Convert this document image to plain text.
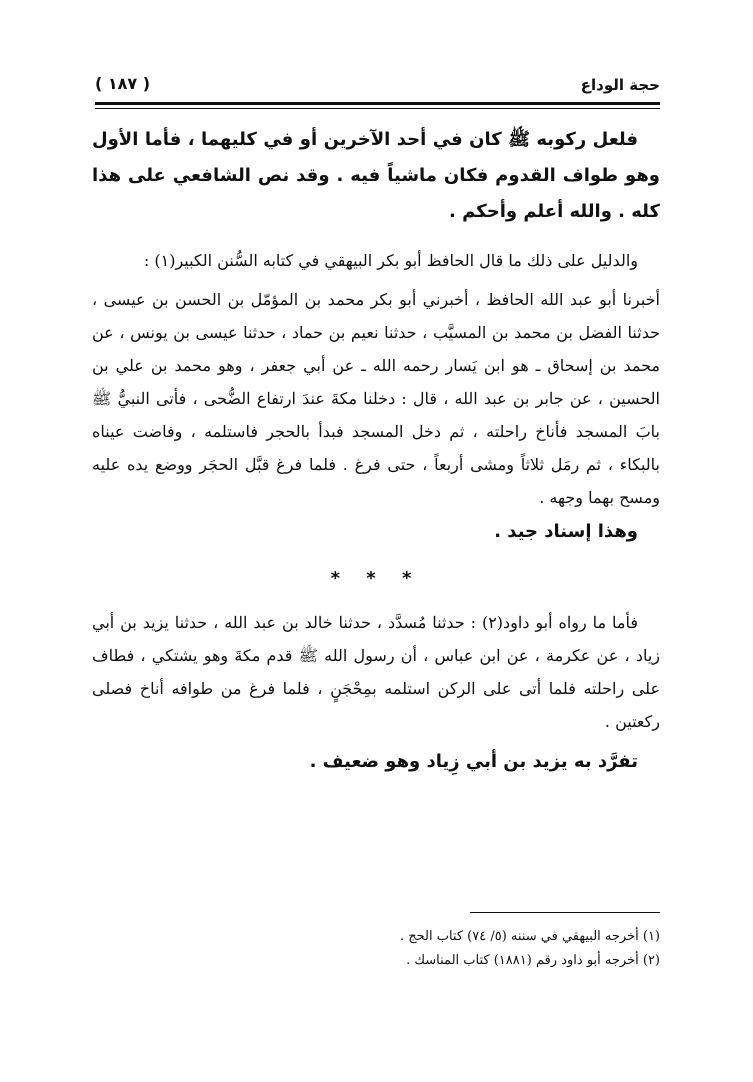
حجة الوداع
( ١٨٧ )

فلعل ركوبه ﷺ كان في أحد الآخرين أو في كليهما ، فأما الأول وهو طواف القدوم فكان ماشياً فيه . وقد نص الشافعي على هذا كله . والله أعلم وأحكم .

والدليل على ذلك ما قال الحافظ أبو بكر البيهقي في كتابه السُّنن الكبير(١) :

أخبرنا أبو عبد الله الحافظ ، أخبرني أبو بكر محمد بن المؤمّل بن الحسن بن عيسى ، حدثنا الفضل بن محمد بن المسيَّب ، حدثنا نعيم بن حماد ، حدثنا عيسى بن يونس ، عن محمد بن إسحاق ـ هو ابن يَسار رحمه الله ـ عن أبي جعفر ، وهو محمد بن علي بن الحسين ، عن جابر بن عبد الله ، قال : دخلنا مكةَ عندَ ارتفاع الضُّحى ، فأتى النبيُّ ﷺ بابَ المسجد فأناخ راحلته ، ثم دخل المسجد فبدأ بالحجر فاستلمه ، وفاضت عيناه بالبكاء ، ثم رمَل ثلاثاً ومشى أربعاً ، حتى فرغ . فلما فرغ قبَّل الحجَر ووضع يده عليه ومسح بهما وجهه .

وهذا إسناد جيد .

* * *

فأما ما رواه أبو داود(٢) : حدثنا مُسدَّد ، حدثنا خالد بن عبد الله ، حدثنا يزيد بن أبي زياد ، عن عكرمة ، عن ابن عباس ، أن رسول الله ﷺ قدم مكةَ وهو يشتكي ، فطاف على راحلته فلما أتى على الركن استلمه بمِحْجَنٍ ، فلما فرغ من طوافه أناخ فصلى ركعتين .

تفرَّد به يزيد بن أبي زِياد وهو ضعيف .

(١) أخرجه البيهقي في سننه (٥/ ٧٤) كتاب الحج .

(٢) أخرجه أبو داود رقم (١٨٨١) كتاب المناسك .
